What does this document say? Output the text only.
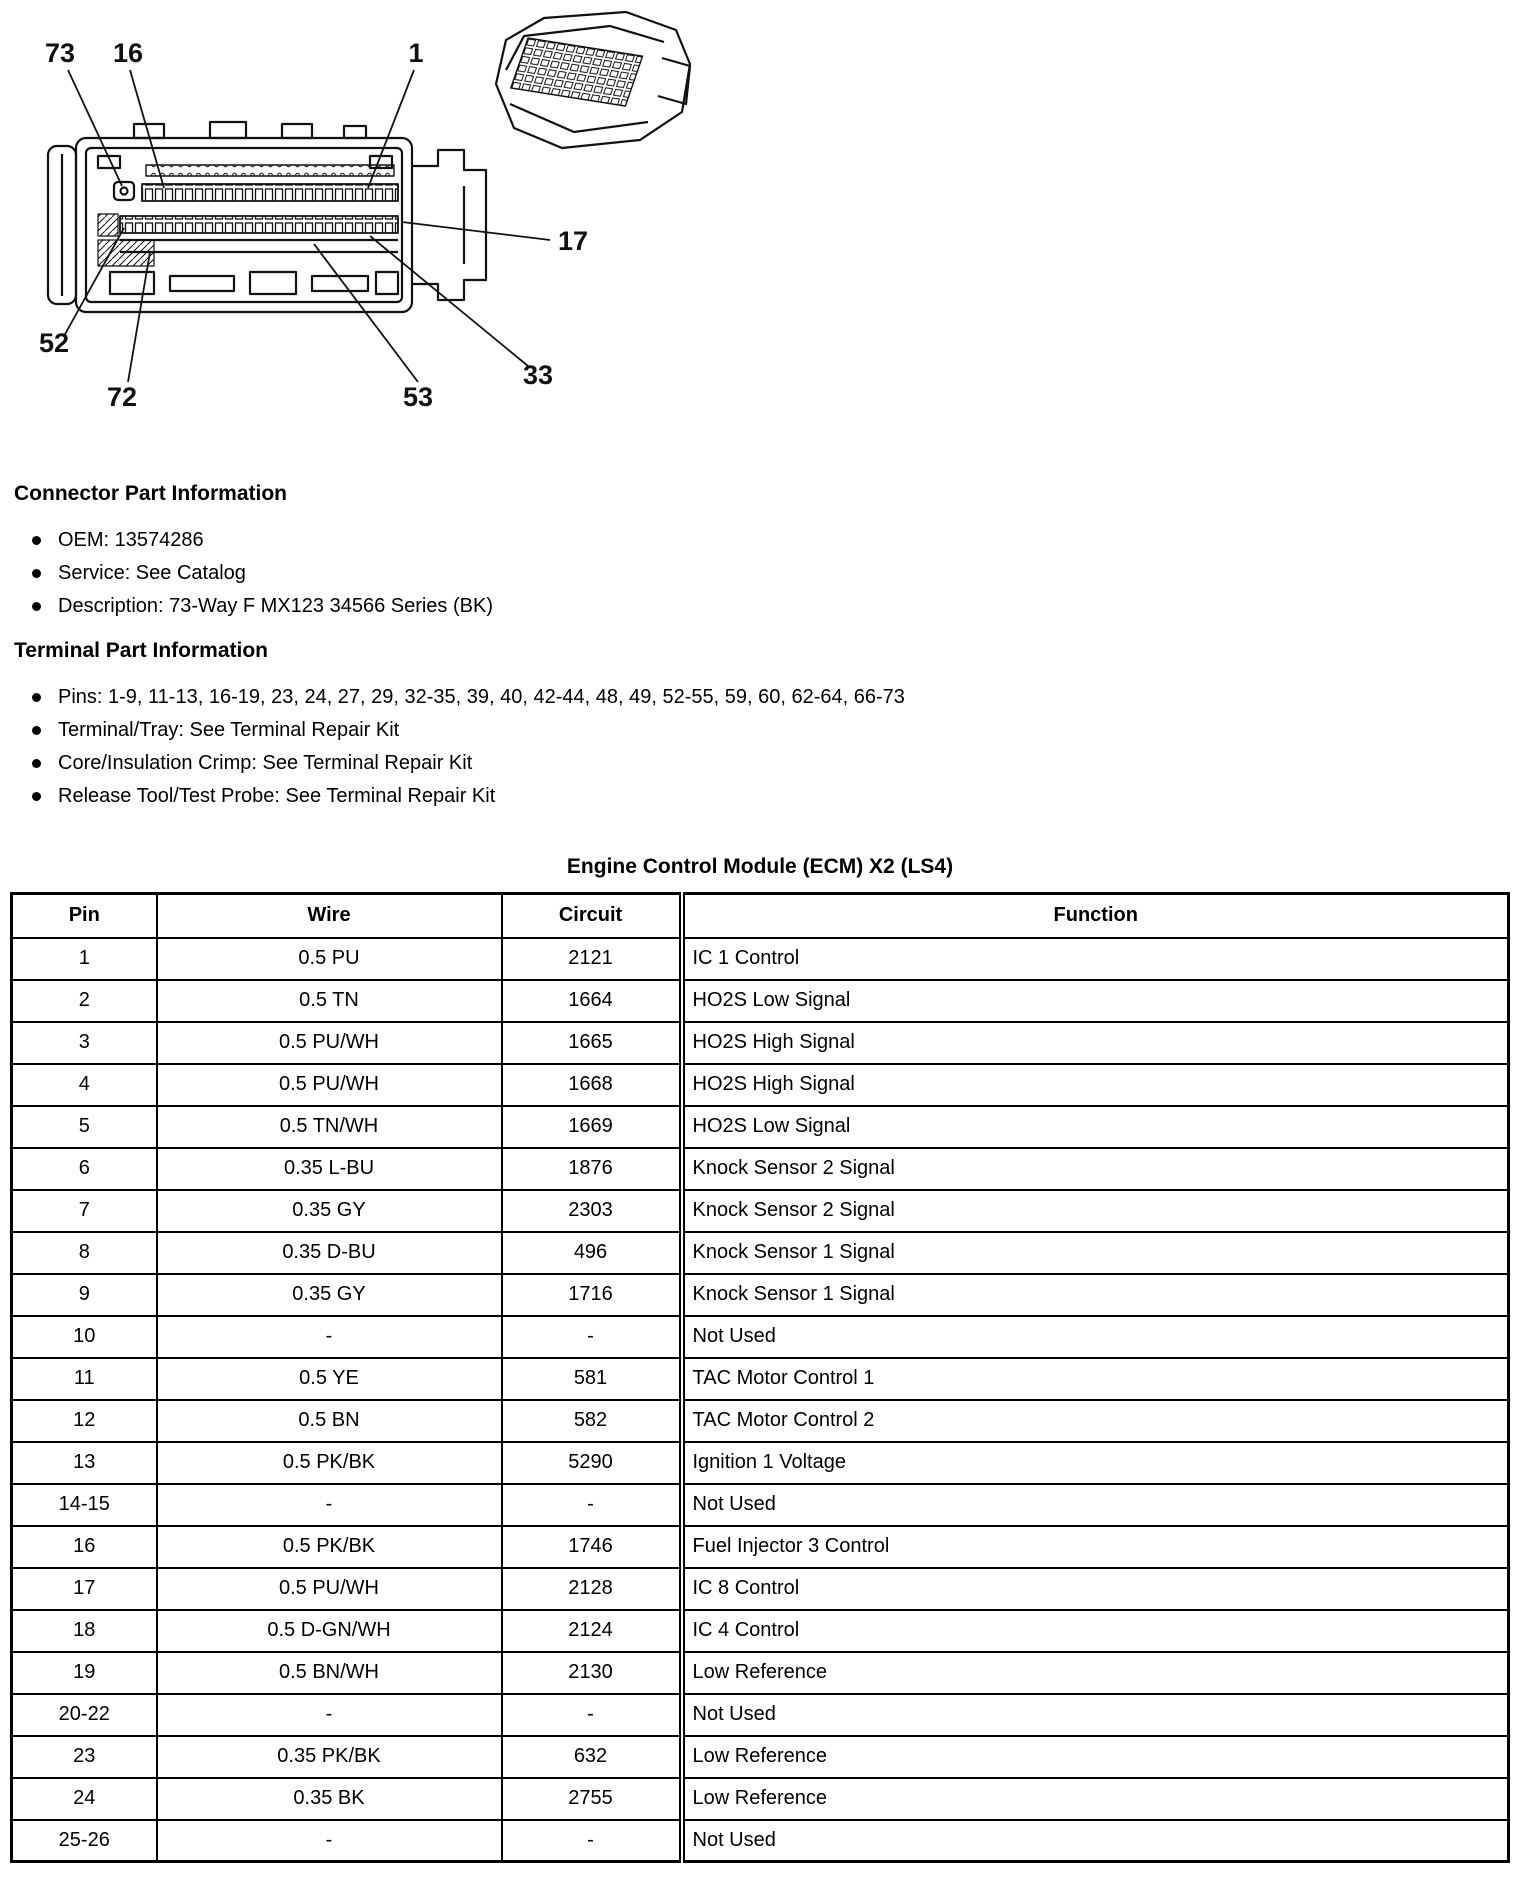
73 16	1
17
33
53
72
52
Connector Part Information
OEM: 13574286
Service: See Catalog
Description: 73-Way F MX123 34566 Series (BK)
Terminal Part Information
Pins: 1-9, 11-13, 16-19, 23, 24, 27, 29, 32-35, 39, 40, 42-44, 48, 49, 52-55, 59, 60, 62-64, 66-73
Terminal/Tray: See Terminal Repair Kit
Core/Insulation Crimp: See Terminal Repair Kit
Release Tool/Test Probe: See Terminal Repair Kit
Engine Control Module (ECM) X2 (LS4)
Pin	Wire	Circuit	Function
1	0.5 PU	2121	IC 1 Control
2	0.5 TN	1664	HO2S Low Signal
3	0.5 PU/WH	1665	HO2S High Signal
4	0.5 PU/WH	1668	HO2S High Signal
5	0.5 TN/WH	1669	HO2S Low Signal
6	0.35 L-BU	1876	Knock Sensor 2 Signal
7	0.35 GY	2303	Knock Sensor 2 Signal
8	0.35 D-BU	496	Knock Sensor 1 Signal
9	0.35 GY	1716	Knock Sensor 1 Signal
10	-	-	Not Used
11	0.5 YE	581	TAC Motor Control 1
12	0.5 BN	582	TAC Motor Control 2
13	0.5 PK/BK	5290	Ignition 1 Voltage
14-15	-	-	Not Used
16	0.5 PK/BK	1746	Fuel Injector 3 Control
17	0.5 PU/WH	2128	IC 8 Control
18	0.5 D-GN/WH	2124	IC 4 Control
19	0.5 BN/WH	2130	Low Reference
20-22	-	-	Not Used
23	0.35 PK/BK	632	Low Reference
24	0.35 BK	2755	Low Reference
25-26	-	-	Not Used
